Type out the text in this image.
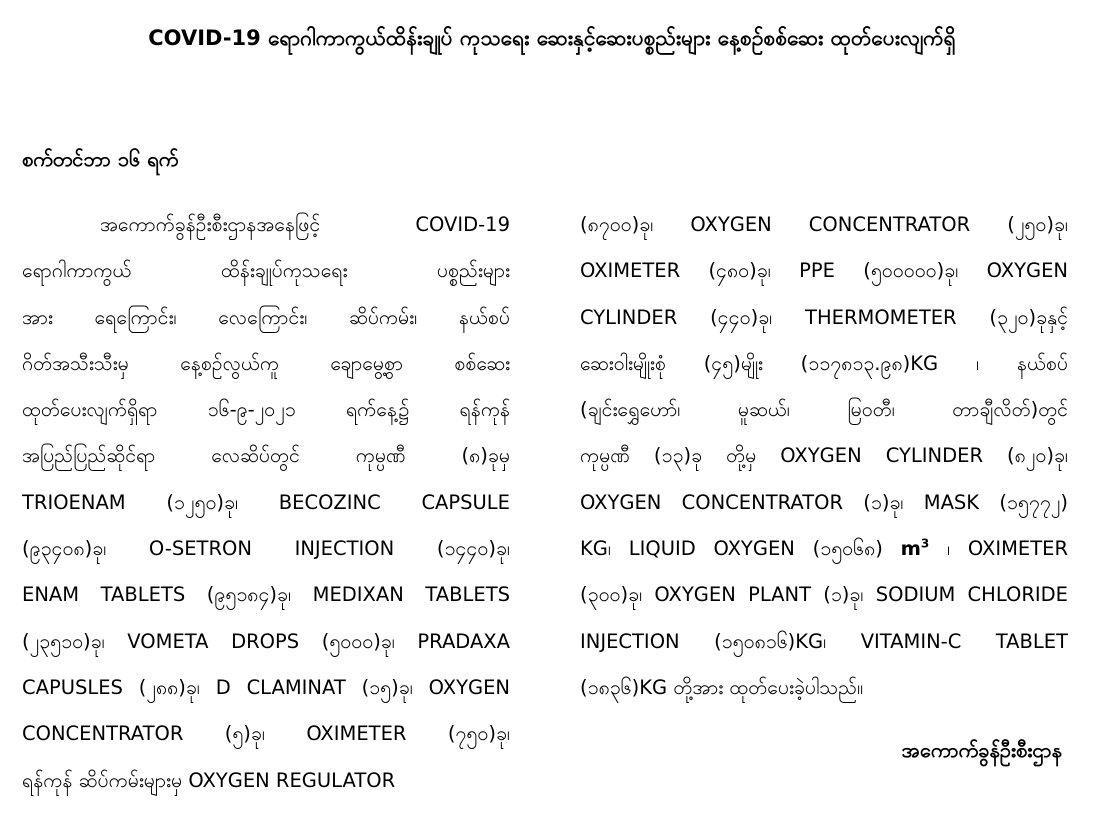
COVID-19 ရောဂါကာကွယ်ထိန်းချုပ် ကုသရေး ဆေးနှင့်ဆေးပစ္စည်းများ နေ့စဉ်စစ်ဆေး ထုတ်ပေးလျက်ရှိ
စက်တင်ဘာ ၁၆ ရက်
အကောက်ခွန်ဦးစီးဌာနအနေဖြင့် COVID-19
ရောဂါကာကွယ် ထိန်းချုပ်ကုသရေး ပစ္စည်းများ
အား ရေကြောင်း၊ လေကြောင်း၊ ဆိပ်ကမ်း၊ နယ်စပ်
ဂိတ်အသီးသီးမှ နေ့စဉ်လွယ်ကူ ချောမွေ့စွာ စစ်ဆေး
ထုတ်ပေးလျက်ရှိရာ ၁၆-၉-၂၀၂၁ ရက်နေ့၌ ရန်ကုန်
အပြည်ပြည်ဆိုင်ရာ လေဆိပ်တွင် ကုမ္ပဏီ (၈)ခုမှ
TRIOENAM (၁၂၅၀)ခု၊ BECOZINC CAPSULE
(၉၃၄၀၈)ခု၊ O-SETRON INJECTION (၁၄၄၀)ခု၊
ENAM TABLETS (၉၅၁၈၄)ခု၊ MEDIXAN TABLETS
(၂၃၅၁၀)ခု၊ VOMETA DROPS (၅၀၀၀)ခု၊ PRADAXA
CAPUSLES (၂၈၈)ခု၊ D CLAMINAT (၁၅)ခု၊ OXYGEN
CONCENTRATOR (၅)ခု၊ OXIMETER (၇၅၀)ခု၊
ရန်ကုန် ဆိပ်ကမ်းများမှ OXYGEN REGULATOR
(၈၇၀၀)ခု၊ OXYGEN CONCENTRATOR (၂၅၀)ခု၊
OXIMETER (၄၈၀)ခု၊ PPE (၅၀၀၀၀၀)ခု၊ OXYGEN
CYLINDER (၄၄၀)ခု၊ THERMOMETER (၃၂၀)ခုနှင့်
ဆေးဝါးမျိုးစုံ (၄၅)မျိုး (၁၁၇၈၁၃.၉၈)KG ၊ နယ်စပ်
(ချင်းရွှေဟော်၊ မူဆယ်၊ မြဝတီ၊ တာချီလိတ်)တွင်
ကုမ္ပဏီ (၁၃)ခု တို့မှ OXYGEN CYLINDER (၈၂၀)ခု၊
OXYGEN CONCENTRATOR (၁)ခု၊ MASK (၁၅၇၇၂)
KG၊ LIQUID OXYGEN (၁၅၀၆၈) $m^3$ ၊ OXIMETER
(၃၀၀)ခု၊ OXYGEN PLANT (၁)ခု၊ SODIUM CHLORIDE
INJECTION (၁၅၀၈၁၆)KG၊ VITAMIN-C TABLET
(၁၈၃၆)KG တို့အား ထုတ်ပေးခဲ့ပါသည်။
အကောက်ခွန်ဦးစီးဌာန
